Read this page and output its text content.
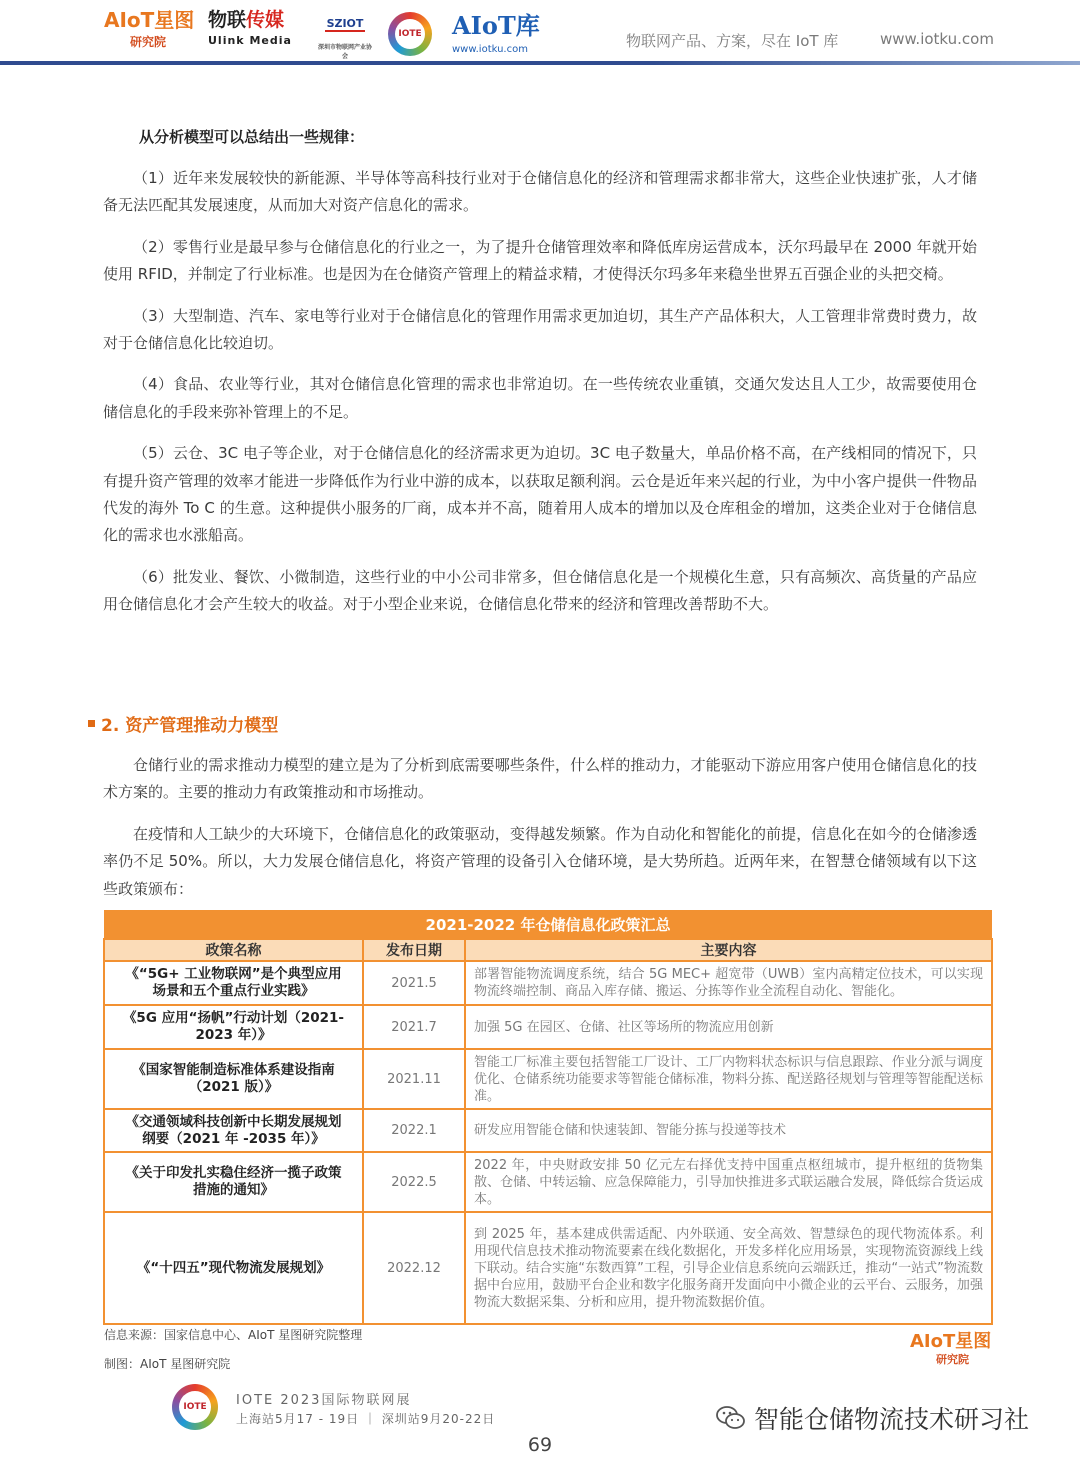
AIoT星图
研究院
物联传媒
Ulink Media
SZIOT
深圳市物联网产业协会
IOTE AIoT库
www.iotku.com	物联网产品、方案，尽在 IoT 库	www.iotku.com
从分析模型可以总结出一些规律：

（1）近年来发展较快的新能源、半导体等高科技行业对于仓储信息化的经济和管理需求都非常大，这些企业快速扩张，人才储备无法匹配其发展速度，从而加大对资产信息化的需求。

（2）零售行业是最早参与仓储信息化的行业之一，为了提升仓储管理效率和降低库房运营成本，沃尔玛最早在 2000 年就开始使用 RFID，并制定了行业标准。也是因为在仓储资产管理上的精益求精，才使得沃尔玛多年来稳坐世界五百强企业的头把交椅。

（3）大型制造、汽车、家电等行业对于仓储信息化的管理作用需求更加迫切，其生产产品体积大，人工管理非常费时费力，故对于仓储信息化比较迫切。

（4）食品、农业等行业，其对仓储信息化管理的需求也非常迫切。在一些传统农业重镇，交通欠发达且人工少，故需要使用仓储信息化的手段来弥补管理上的不足。

（5）云仓、3C 电子等企业，对于仓储信息化的经济需求更为迫切。3C 电子数量大，单品价格不高，在产线相同的情况下，只有提升资产管理的效率才能进一步降低作为行业中游的成本，以获取足额利润。云仓是近年来兴起的行业，为中小客户提供一件物品代发的海外 To C 的生意。这种提供小服务的厂商，成本并不高，随着用人成本的增加以及仓库租金的增加，这类企业对于仓储信息化的需求也水涨船高。

（6）批发业、餐饮、小微制造，这些行业的中小公司非常多，但仓储信息化是一个规模化生意，只有高频次、高货量的产品应用仓储信息化才会产生较大的收益。对于小型企业来说，仓储信息化带来的经济和管理改善帮助不大。

2. 资产管理推动力模型

仓储行业的需求推动力模型的建立是为了分析到底需要哪些条件，什么样的推动力，才能驱动下游应用客户使用仓储信息化的技术方案的。主要的推动力有政策推动和市场推动。

在疫情和人工缺少的大环境下，仓储信息化的政策驱动，变得越发频繁。作为自动化和智能化的前提，信息化在如今的仓储渗透率仍不足 50%。所以，大力发展仓储信息化，将资产管理的设备引入仓储环境，是大势所趋。近两年来，在智慧仓储领域有以下这些政策颁布：

2021-2022 年仓储信息化政策汇总		
政策名称	发布日期	主要内容
《“5G+ 工业物联网”是个典型应用场景和五个重点行业实践》	2021.5	部署智能物流调度系统，结合 5G MEC+ 超宽带（UWB）室内高精定位技术，可以实现物流终端控制、商品入库存储、搬运、分拣等作业全流程自动化、智能化。
《5G 应用“扬帆”行动计划（2021-2023 年）》	2021.7	加强 5G 在园区、仓储、社区等场所的物流应用创新
《国家智能制造标准体系建设指南（2021 版）》	2021.11	智能工厂标准主要包括智能工厂设计、工厂内物料状态标识与信息跟踪、作业分派与调度优化、仓储系统功能要求等智能仓储标准，物料分拣、配送路径规划与管理等智能配送标准。
《交通领域科技创新中长期发展规划纲要（2021 年 -2035 年）》	2022.1	研发应用智能仓储和快速装卸、智能分拣与投递等技术
《关于印发扎实稳住经济一揽子政策措施的通知》	2022.5	2022 年，中央财政安排 50 亿元左右择优支持中国重点枢纽城市，提升枢纽的货物集散、仓储、中转运输、应急保障能力，引导加快推进多式联运融合发展，降低综合货运成本。
《“十四五”现代物流发展规划》	2022.12	到 2025 年，基本建成供需适配、内外联通、安全高效、智慧绿色的现代物流体系。利用现代信息技术推动物流要素在线化数据化，开发多样化应用场景，实现物流资源线上线下联动。结合实施“东数西算”工程，引导企业信息系统向云端跃迁，推动“一站式”物流数据中台应用，鼓励平台企业和数字化服务商开发面向中小微企业的云平台、云服务，加强物流大数据采集、分析和应用，提升物流数据价值。
信息来源：国家信息中心、AIoT 星图研究院整理
制图：AIoT 星图研究院
AIoT星图
研究院
IOTE	IOTE 2023国际物联网展
上海站5月17 - 19日 ｜ 深圳站9月20-22日	智能仓储物流技术研习社
69
